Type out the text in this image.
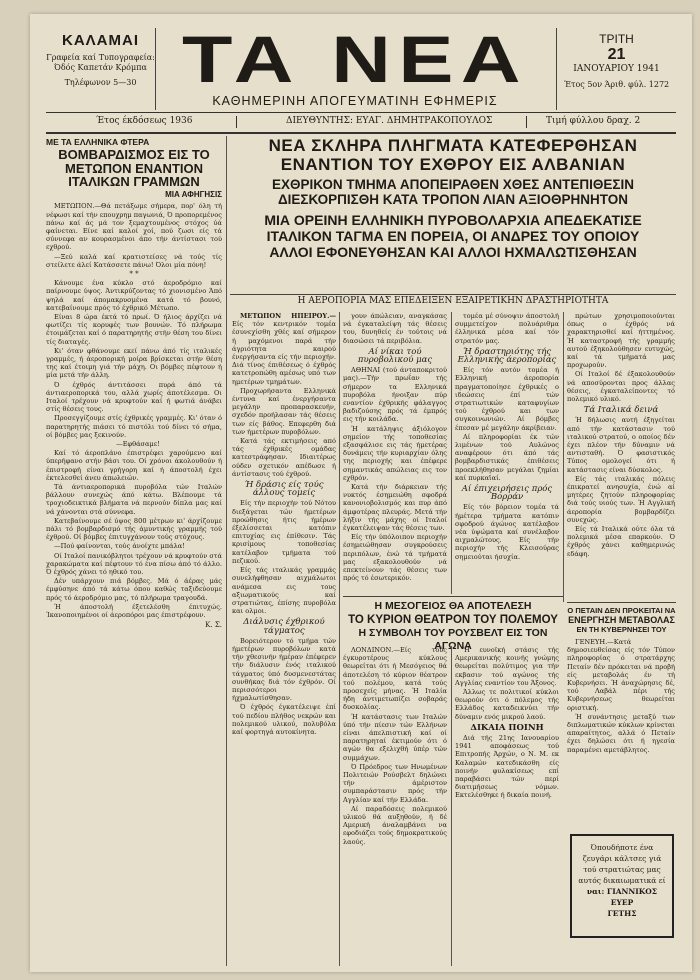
ΚΑΛΑΜΑΙ
Γραφεία καί Τυπογραφεία:
Όδός Καπετάν Κρόμπα
Τηλέφωνον 5—30 ΤΑ ΝΕΑ
ΚΑΘΗΜΕΡΙΝΗ ΑΠΟΓΕΥΜΑΤΙΝΗ ΕΦΗΜΕΡΙΣ
ΤΡΙΤΗ
21
ΙΑΝΟΥΑΡΙΟΥ 1941
Έτος 5ον Άριθ. φύλ. 1272
Έτος έκδόσεως 1936	ΔΙΕΥΘΥΝΤΗΣ: ΕΥΑΓ. ΔΗΜΗΤΡΑΚΟΠΟΥΛΟΣ	Τιμή φύλλου δραχ. 2
ΜΕ ΤΑ ΕΛΛΗΝΙΚΑ ΦΤΕΡΑ
ΒΟΜΒΑΡΔΙΣΜΟΣ ΕΙΣ ΤΟ ΜΕΤΩΠΟΝ ΕΝΑΝΤΙΟΝ ΙΤΑΛΙΚΩΝ ΓΡΑΜΜΩΝ
ΜΙΑ ΑΦΗΓΗΣΙΣ

ΜΕΤΩΠΟΝ.—Θά πετάξωμε σήμερα, πορ' όλη τή νέφωσι καί τήν επουχρημ παγωνιά, Ό προπορεμένος πάνω καί άς μά τον ξεμαχτουμένος στόχος ύά φαίνεται. Είνε καί καλοί χοί, πού ζωσι είς τά σύννεφα αν κουρασμένοι άπο τήν άντίστασι τού εχθρού.

—Ξεύ καλά καί κρατιστείσες νά τούς τίς στείλετε άλεί Κατάσσετε πάνω! Όλοι μία πόνη!

* *

Κάνουμε ένα κύκλο στό άεροδρόμιο καί παίρνουμε ύψος. Άντικρύζοντας τό χιονισμένο Άπό ψηλά καί άπομακρυσμένα κατά τό βουνό, κατεβαίνουμε πρός τό έχθρικό Μέτωπο.

Είναι 8 ώρα έκτά τό πρωί. Ό ήλιος άρχίζει νά φωτίζει τίς κορυφές των βουνών. Τό πλήρωμα έτοιμάζεται καί ό παρατηρητής στήν θέση του δίνει τίς διαταγές.

Κι' όταν φθάνουμε εκεί πάνω άπό τίς ιταλικές γραμμές, ή άεροπορική μοίρα βρίσκεται στήν θέση της καί έτοιμη γιά τήν μάχη. Οι βόμβες πέφτουν ή μία μετά τήν άλλη.

Ό έχθρός άντιτάσσει πυρά άπό τά άντιαεροπορικά του, αλλά χωρίς άποτέλεσμα. Οι Ιταλοί τρέχουν νά κρυφτούν καί ή φωτιά άνάβει στίς θέσεις τους.

Προσεγγίζουμε στίς έχθρικές γραμμές. Κι' όταν ό παρατηρητής πιάσει τό πιστόλι τού δίνει τό σήμα, οί βόμβες μας ξεκινούν.

—Εφθάσαμε!

Καί τό άεροπλάνο έπιστρέφει χαρούμενο καί ύπερήφανο στήν βάσι του. Οί χρόνοι άκολουθούν ή έπιστροφή είναι γρήγορη καί ή άποστολή έχει έκτελεσθεί άνευ άπωλειών.

Τά άντιαεροπορικά πυροβόλα τών Ιταλών βάλλουν συνεχώς άπό κάτω. Βλέπουμε τά τροχιοδεικτικά βλήματα νά περνούν δίπλα μας καί νά χάνονται στά σύννεφα.

Κατεβαίνουμε σέ ύψος 800 μέτρων κι' άρχίζουμε πάλι τό βομβαρδισμό τής άμυντικής γραμμής τού έχθρού. Οί βόμβες έπιτυγχάνουν τούς στόχους.

—Πού φαίνονται, τούς άνοίχτε μπάλα!

Οί Ιταλοί πανικόβλητοι τρέχουν νά κρυφτούν στά χαρακώματα καί πέφτουν τό ένα πίσω άπό τό άλλο. Ό έχθρός χάνει τό ηθικό του.

Δέν υπάρχουν πιά βόμβες. Μά ό άέρας μάς έμφύσηνε άπό τά κάτω όπου καθώς ταξιδεύουμε πρός τό άεροδρόμιο μας, τό πλήρωμα τραγουδά.

Ή άποστολή έξετελέσθη έπιτυχώς. Ίκανοποιημένοι οί άεροπόροι μας έπιστρέφουν.

Κ. Σ.
ΝΕΑ ΣΚΛΗΡΑ ΠΛΗΓΜΑΤΑ ΚΑΤΕΦΕΡΘΗΣΑΝ
ΕΝΑΝΤΙΟΝ ΤΟΥ ΕΧΘΡΟΥ ΕΙΣ ΑΛΒΑΝΙΑΝ
ΕΧΘΡΙΚΟΝ ΤΜΗΜΑ ΑΠΟΠΕΙΡΑΘΕΝ ΧΘΕΣ ΑΝΤΕΠΙΘΕΣΙΝ
ΔΙΕΣΚΟΡΠΙΣΘΗ ΚΑΤΑ ΤΡΟΠΟΝ ΛΙΑΝ ΑΞΙΟΘΡΗΝΗΤΟΝ
ΜΙΑ ΟΡΕΙΝΗ ΕΛΛΗΝΙΚΗ ΠΥΡΟΒΟΛΑΡΧΙΑ ΑΠΕΔΕΚΑΤΙΣΕ
ΙΤΑΛΙΚΟΝ ΤΑΓΜΑ ΕΝ ΠΟΡΕΙΑ, ΟΙ ΑΝΔΡΕΣ ΤΟΥ ΟΠΟΙΟΥ
ΑΛΛΟΙ ΕΦΟΝΕΥΘΗΣΑΝ ΚΑΙ ΑΛΛΟΙ ΗΧΜΑΛΩΤΙΣΘΗΣΑΝ
Η ΑΕΡΟΠΟΡΙΑ ΜΑΣ ΕΠΕΔΕΙΞΕΝ ΕΞΑΙΡΕΤΙΚΗΝ ΔΡΑΣΤΗΡΙΟΤΗΤΑ

ΜΕΤΩΠΟΝ ΗΠΕΙΡΟΥ.— Είς τόν κεντρικόν τομέα έσυνεχίσθη χθές καί σήμερον ή μαχόμενοι παρά τήν άγριότητα καιρού ένεργήσαντα είς τήν περιοχήν. Διά τίνος έπιθέσεως ό έχθρός κατετροπώθη αμέσως υπό των ημετέρων τμημάτων.

Προχωρήσαντα Ελληνικά έντυνα καί ένεργήσαντα μεγάλην προπαρασκευήν, σχεδόν προήλασαν τάς θέσεις των είς βάθος. Επεφερθη διά των ήμετέρων πυροβόλων.

Κατά τάς εκτιμήσεις από τάς έχθρικές ομάδας κατεστράφησαν. Ιδιαιτέρως ούδεν σχετικόν απέδωσε ή άντίστασις τού έχθρού.

Ή δράσις είς τούς άλλους τομείς

Είς τήν περιοχήν τού Νότου διεξάγεται τών ήμετέρων προώθησις ήτις ήμέρων έξελίσσεται κατόπιν επιτυχίας εις έπίθεσιν. Τάς κρισίμους τοποθεσίας κατέλαβον τμήματα τού πεζικού.

Είς τάς ιταλικάς γραμμάς συνελήφθησαν αιχμάλωτοι ανάμεσα εις τους αξιωματικούς καί στρατιώτας, έπίσης πυροβόλα και ολμοι.

Διάλυσις έχθρικού τάγματος

Βορειότερον τό τμήμα τών ήμετέρων πυροβόλων κατά τήν χθεσινήν ήμέραν έπέφερεν τήν διάλυσιν ένός ιταλικού τάγματος ύπό δυσμενεστάτας συνθήκας διά τόν έχθρόν. Οί περισσότεροι ήχμαλωτίσθησαν.

Ό έχθρός έγκατέλειψε έπί τού πεδίου πλήθος νεκρών και πολεμικού υλικού, πολυβόλα καί φορτηγά αυτοκίνητα.

γουν άπώλειαν, αναγκάσας νά έγκαταλείψη τάς θέσεις του, δυνηθείς έν τούτοις νά διασώσει τά περιβόλια.

Αί νίκαι τού πυροβολικού μας

ΑΘΗΝΑΙ (τού άνταποκριτού μας).—Τήν πρωΐαν τής σήμερον τα Ελληνικά πυροβόλα ήνοιξαν πύρ εναντίον έχθρικής φάλαγγος βαδιζούσης πρός τά έμπρός εις τήν κοιλάδα.

Ή κατάληψις άξιόλογον σημείον τής τοποθεσίας εξασφάλισε εις τάς ήμετέρας δυνάμεις τήν κυριαρχίαν όλης της περιοχής και έπέφερε σημαντικάς απώλειας εις τον εχθρόν.

Κατά τήν διάρκειαν τής νυκτός έσημειώθη σφοδρά κανονιοβολισμός και πυρ άπό άμφοτέρας πλευράς. Μετά τήν λήξιν τής μάχης οί Ιταλοί έγκατέλειψαν τάς θέσεις των.

Είς τήν ύπόλοιπον περιοχήν έσημειώθησαν συγκρούσεις περιπόλων, ένώ τά τμήματά μας εξακολουθούν νά επεκτείνουν τάς θέσεις των πρός τό έσωτερικόν.

τομέα μέ σύνοψιν άποστολή συμμετείχον πολυάριθμα έλληνικά μέσα καί τόν στρατόν μας.

Ή δραστηριότης τής Ελληνικής άεροπορίας

Είς τόν αυτόν τομέα ή Ελληνική άεροπορία πραγματοποίησε έχθρικές ο ιδεώσεις έπί τών στρατιωτικών καταφυγίων τού έχθρού και των συγκοινωνιών. Αί βόμβες έπεσαν μέ μεγάλην άκρίβειαν.

Αί πληροφορίαι έκ τών λιμένων τού Αυλώνος αναφέρουν ότι άπό τάς βομβαρδιστικάς έπιθέσεις προεκλήθησαν μεγάλαι ζημίαι καί πυρκαϊαί.

Αί έπιχειρήσεις πρός Βορράν

Είς τόν βόρειον τομέα τά ήμέτερα τμήματα κατόπιν σφοδρού άγώνος κατέλαβον νέα ύψώματα καί συνέλαβον αιχμαλώτους. Είς τήν περιοχήν τής Κλεισούρας σημειούται ήσυχία.

πρώτων χρησιμοποιούνται όπως ο έχθρός νά χαρακτηρισθεί καί ήττημένος. Ή καταστροφή τής γραμμής αυτού έξηκολούθησεν ευτυχώς, καί τά τμήματά μας προχωρούν.

Οί Ιταλοί δέ έξακολουθούν νά αποσύρονται προς άλλας θέσεις, έγκαταλείποντες τό πολεμικό υλικό.

Τά Ιταλικά δεινά

Ή δήλωσις αυτή έξηγείται από τήν κατάστασιν τού ιταλικού στρατού, ο οποίος δέν έχει πλέον τήν δύναμιν νά αντισταθή. Ό φασιστικός Τύπος ομολογεί ότι ή κατάστασις είναι δύσκολος.

Είς τάς ιταλικάς πόλεις έπικρατεί ανησυχία, ένώ αί μητέρες ζητούν πληροφορίας διά τούς υιούς των. Ή Αγγλική άεροπορία βομβαρδίζει συνεχώς.

Είς τά Ιταλικά ούτε όλα τά πολεμικά μέσα επαρκούν. Ό έχθρός χάνει καθημερινώς εδάφη.

Η ΜΕΣΟΓΕΙΟΣ ΘΑ ΑΠΟΤΕΛΕΣΗ
ΤΟ ΚΥΡΙΟΝ ΘΕΑΤΡΟΝ ΤΟΥ ΠΟΛΕΜΟΥ
Η ΣΥΜΒΟΛΗ ΤΟΥ ΡΟΥΣΒΕΛΤ ΕΙΣ ΤΟΝ ΑΓΩΝΑ

ΛΟΝΔΙΝΟΝ.—Είς τούς έγκυροτέρους κύκλους θεωρείται ότι ή Μεσόγειος θά άποτελέση τό κύριον θέατρον τού πολέμου, κατά τούς προσεχείς μήνας. Ή Ιταλία ήδη άντιμετωπίζει σοβαράς δυσκολίας.

Ή κατάστασις των Ιταλών ύπό τήν πίεσιν τών Ελλήνων είναι άπελπιστική καί οί παρατηρηταί έκτιμούν ότι ό αγών θα εξελιχθή ύπέρ τών συμμάχων.

Ό Πρόεδρος των Ηνωμένων Πολιτειών Ρούσβελτ δηλώνει τήν άμέριστον συμπαράστασιν πρός τήν Αγγλίαν καί τήν Ελλάδα.

Αί παραδόσεις πολεμικού υλικού θά αυξηθούν, ή δέ Αμερική άναλαμβάνει να εφοδιάζει τούς δημοκρατικούς λαούς.

Ή ευνοϊκή στάσις τής Αμερικανικής κοινής γνώμης θεωρείται πολύτιμος για τήν εκβασιν τού αγώνος τής Αγγλίας εναντίον του Άξονος.

Άλλως τε πολιτικοί κύκλοι θεωρούν ότι ό πόλεμος τής Ελλάδος καταδεικνύει τήν δύναμιν ενός μικρού λαού.

ΔΙΚΑΙΑ ΠΟΙΝΗ

Διά τής 21ης Ιανουαρίου 1941 αποφάσεως τού Επιτροπής Άρχών, ο Ν. Μ. εκ Καλαμών κατεδικάσθη είς ποινήν φυλακίσεως επί παραβάσει τών περί διατιμήσεως νόμων. Εκτελέσθηκε ή δικαία ποινή.

Ο ΠΕΤΑΙΝ ΔΕΝ ΠΡΟΚΕΙΤΑΙ ΝΑ
ΕΝΕΡΓΗΣΗ ΜΕΤΑΒΟΛΑΣ
ΕΝ ΤΗ ΚΥΒΕΡΝΗΣΕΙ ΤΟΥ

ΓΕΝΕΥΗ.—Κατά δημοσιευθείσας είς τόν Τύπον πληροφορίας ό στρατάρχης Πεταίν δέν πρόκειται νά προβή είς μεταβολάς έν τή Κυβερνήσει. Ή άναχώρησις δέ, τού Λαβάλ πέρι τής Κυβερνήσεως θεωρείται οριστική.

Ή συνάντησις μεταξύ των διπλωματικών κύκλων κρίνεται απαραίτητος, αλλά ό Πεταίν έχει δηλώσει ότι ή ηγεσία παραμένει αμετάβλητος.

Όπουδήποτε ένα
ζευγάρι κάλτσες γιά
τού στρατιώτας μας
αυτός δικαιωματικά εί
ναι: ΓΙΑΝΝΙΚΟΣ ΕΥΕΡ
ΓΕΤΗΣ
